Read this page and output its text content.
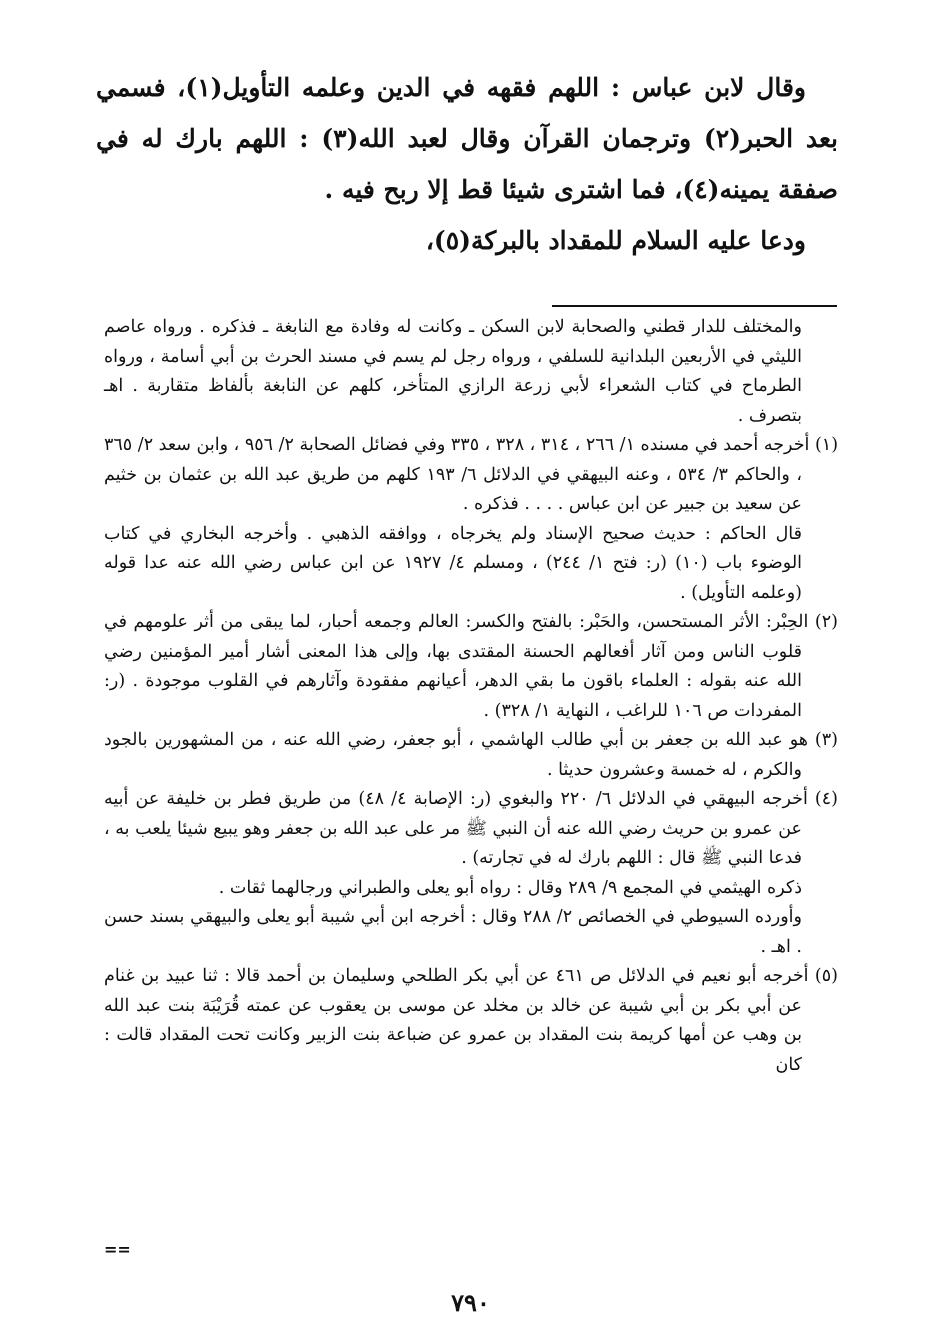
وقال لابن عباس : اللهم فقهه في الدين وعلمه التأويل(١)، فسمي بعد الحبر(٢) وترجمان القرآن وقال لعبد الله(٣) : اللهم بارك له في صفقة يمينه(٤)، فما اشترى شيئا قط إلا ربح فيه .

ودعا عليه السلام للمقداد بالبركة(٥)،

والمختلف للدار قطني والصحابة لابن السكن ـ وكانت له وفادة مع النابغة ـ فذكره . ورواه عاصم الليثي في الأربعين البلدانية للسلفي ، ورواه رجل لم يسم في مسند الحرث بن أبي أسامة ، ورواه الطرماح في كتاب الشعراء لأبي زرعة الرازي المتأخر، كلهم عن النابغة بألفاظ متقاربة . اهـ بتصرف .

(١) أخرجه أحمد في مسنده ١/ ٢٦٦ ، ٣١٤ ، ٣٢٨ ، ٣٣٥ وفي فضائل الصحابة ٢/ ٩٥٦ ، وابن سعد ٢/ ٣٦٥ ، والحاكم ٣/ ٥٣٤ ، وعنه البيهقي في الدلائل ٦/ ١٩٣ كلهم من طريق عبد الله بن عثمان بن خثيم عن سعيد بن جبير عن ابن عباس . . . . فذكره .

قال الحاكم : حديث صحيح الإسناد ولم يخرجاه ، ووافقه الذهبي . وأخرجه البخاري في كتاب الوضوء باب (١٠) (ر: فتح ١/ ٢٤٤) ، ومسلم ٤/ ١٩٢٧ عن ابن عباس رضي الله عنه عدا قوله (وعلمه التأويل) .

(٢) الحِبْر: الأثر المستحسن، والحَبْر: بالفتح والكسر: العالم وجمعه أحبار، لما يبقى من أثر علومهم في قلوب الناس ومن آثار أفعالهم الحسنة المقتدى بها، وإلى هذا المعنى أشار أمير المؤمنين رضي الله عنه بقوله : العلماء باقون ما بقي الدهر، أعيانهم مفقودة وآثارهم في القلوب موجودة . (ر: المفردات ص ١٠٦ للراغب ، النهاية ١/ ٣٢٨) .

(٣) هو عبد الله بن جعفر بن أبي طالب الهاشمي ، أبو جعفر، رضي الله عنه ، من المشهورين بالجود والكرم ، له خمسة وعشرون حديثا .

(٤) أخرجه البيهقي في الدلائل ٦/ ٢٢٠ والبغوي (ر: الإصابة ٤/ ٤٨) من طريق فطر بن خليفة عن أبيه عن عمرو بن حريث رضي الله عنه أن النبي ﷺ مر على عبد الله بن جعفر وهو يبيع شيئا يلعب به ، فدعا النبي ﷺ قال : اللهم بارك له في تجارته) .

ذكره الهيثمي في المجمع ٩/ ٢٨٩ وقال : رواه أبو يعلى والطبراني ورجالهما ثقات .

وأورده السيوطي في الخصائص ٢/ ٢٨٨ وقال : أخرجه ابن أبي شيبة أبو يعلى والبيهقي بسند حسن . اهـ .

(٥) أخرجه أبو نعيم في الدلائل ص ٤٦١ عن أبي بكر الطلحي وسليمان بن أحمد قالا : ثنا عبيد بن غنام عن أبي بكر بن أبي شيبة عن خالد بن مخلد عن موسى بن يعقوب عن عمته قُرَيْبَة بنت عبد الله بن وهب عن أمها كريمة بنت المقداد بن عمرو عن ضباعة بنت الزبير وكانت تحت المقداد قالت : كان

==
٧٩٠
